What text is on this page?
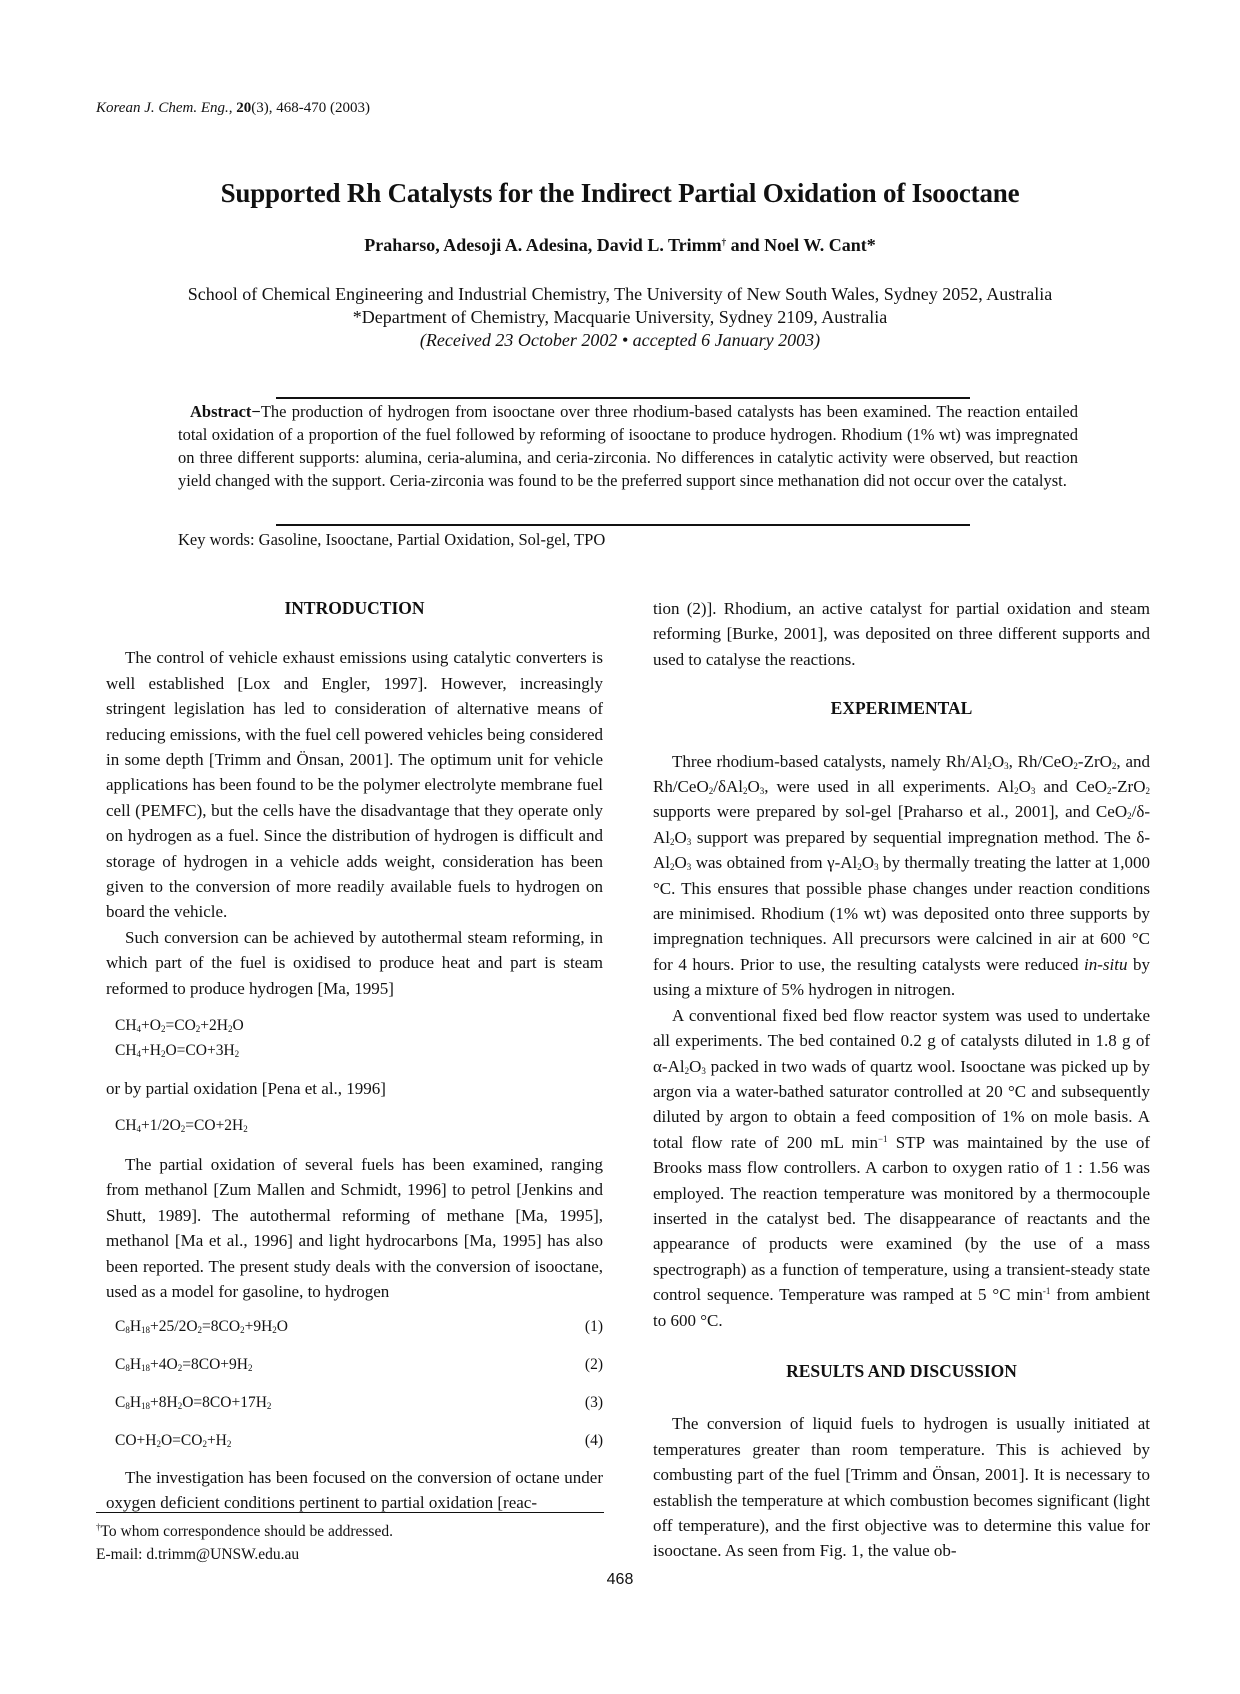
Korean J. Chem. Eng., 20(3), 468-470 (2003)
Supported Rh Catalysts for the Indirect Partial Oxidation of Isooctane
Praharso, Adesoji A. Adesina, David L. Trimm† and Noel W. Cant*
School of Chemical Engineering and Industrial Chemistry, The University of New South Wales, Sydney 2052, Australia
*Department of Chemistry, Macquarie University, Sydney 2109, Australia
(Received 23 October 2002 • accepted 6 January 2003)
Abstract−The production of hydrogen from isooctane over three rhodium-based catalysts has been examined. The reaction entailed total oxidation of a proportion of the fuel followed by reforming of isooctane to produce hydrogen. Rhodium (1% wt) was impregnated on three different supports: alumina, ceria-alumina, and ceria-zirconia. No differences in catalytic activity were observed, but reaction yield changed with the support. Ceria-zirconia was found to be the preferred support since methanation did not occur over the catalyst.
Key words: Gasoline, Isooctane, Partial Oxidation, Sol-gel, TPO
INTRODUCTION

The control of vehicle exhaust emissions using catalytic converters is well established [Lox and Engler, 1997]. However, increasingly stringent legislation has led to consideration of alternative means of reducing emissions, with the fuel cell powered vehicles being considered in some depth [Trimm and Önsan, 2001]. The optimum unit for vehicle applications has been found to be the polymer electrolyte membrane fuel cell (PEMFC), but the cells have the disadvantage that they operate only on hydrogen as a fuel. Since the distribution of hydrogen is difficult and storage of hydrogen in a vehicle adds weight, consideration has been given to the conversion of more readily available fuels to hydrogen on board the vehicle.

Such conversion can be achieved by autothermal steam reforming, in which part of the fuel is oxidised to produce heat and part is steam reformed to produce hydrogen [Ma, 1995]

$CH_4+O_2=CO_2+2H_2O$
$CH_4+H_2O=CO+3H_2$

or by partial oxidation [Pena et al., 1996]

$CH_4+1/2O_2=CO+2H_2$

The partial oxidation of several fuels has been examined, ranging from methanol [Zum Mallen and Schmidt, 1996] to petrol [Jenkins and Shutt, 1989]. The autothermal reforming of methane [Ma, 1995], methanol [Ma et al., 1996] and light hydrocarbons [Ma, 1995] has also been reported. The present study deals with the conversion of isooctane, used as a model for gasoline, to hydrogen

$C_8H_{18}+25/2O_2=8CO_2+9H_2O$	(1)
$C_8H_{18}+4O_2=8CO+9H_2$	(2)
$C_8H_{18}+8H_2O=8CO+17H_2$	(3)
$CO+H_2O=CO_2+H_2$	(4)

The investigation has been focused on the conversion of octane under oxygen deficient conditions pertinent to partial oxidation [reac-

†To whom correspondence should be addressed.
E-mail: d.trimm@UNSW.edu.au

tion (2)]. Rhodium, an active catalyst for partial oxidation and steam reforming [Burke, 2001], was deposited on three different supports and used to catalyse the reactions.

EXPERIMENTAL

Three rhodium-based catalysts, namely $Rh/Al_2O_3$, Rh/CeO$_2$-ZrO$_2$, and $Rh/CeO_2/\delta Al_2O_3$, were used in all experiments. $Al_2O_3$ and CeO$_2$-ZrO$_2$ supports were prepared by sol-gel [Praharso et al., 2001], and $CeO_2/\delta-Al_2O_3$ support was prepared by sequential impregnation method. The $\delta-Al_2O_3$ was obtained from $\gamma-Al_2O_3$ by thermally treating the latter at 1,000 °C. This ensures that possible phase changes under reaction conditions are minimised. Rhodium (1% wt) was deposited onto three supports by impregnation techniques. All precursors were calcined in air at 600 °C for 4 hours. Prior to use, the resulting catalysts were reduced in-situ by using a mixture of 5% hydrogen in nitrogen.

A conventional fixed bed flow reactor system was used to undertake all experiments. The bed contained 0.2 g of catalysts diluted in 1.8 g of $\alpha-Al_2O_3$ packed in two wads of quartz wool. Isooctane was picked up by argon via a water-bathed saturator controlled at 20 °C and subsequently diluted by argon to obtain a feed composition of 1% on mole basis. A total flow rate of 200 mL $\min^{-1}$ STP was maintained by the use of Brooks mass flow controllers. A carbon to oxygen ratio of 1 : 1.56 was employed. The reaction temperature was monitored by a thermocouple inserted in the catalyst bed. The disappearance of reactants and the appearance of products were examined (by the use of a mass spectrograph) as a function of temperature, using a transient-steady state control sequence. Temperature was ramped at 5 °C $\min^{-1}$ from ambient to 600 °C.

RESULTS AND DISCUSSION

The conversion of liquid fuels to hydrogen is usually initiated at temperatures greater than room temperature. This is achieved by combusting part of the fuel [Trimm and Önsan, 2001]. It is necessary to establish the temperature at which combustion becomes significant (light off temperature), and the first objective was to determine this value for isooctane. As seen from Fig. 1, the value ob-

468
